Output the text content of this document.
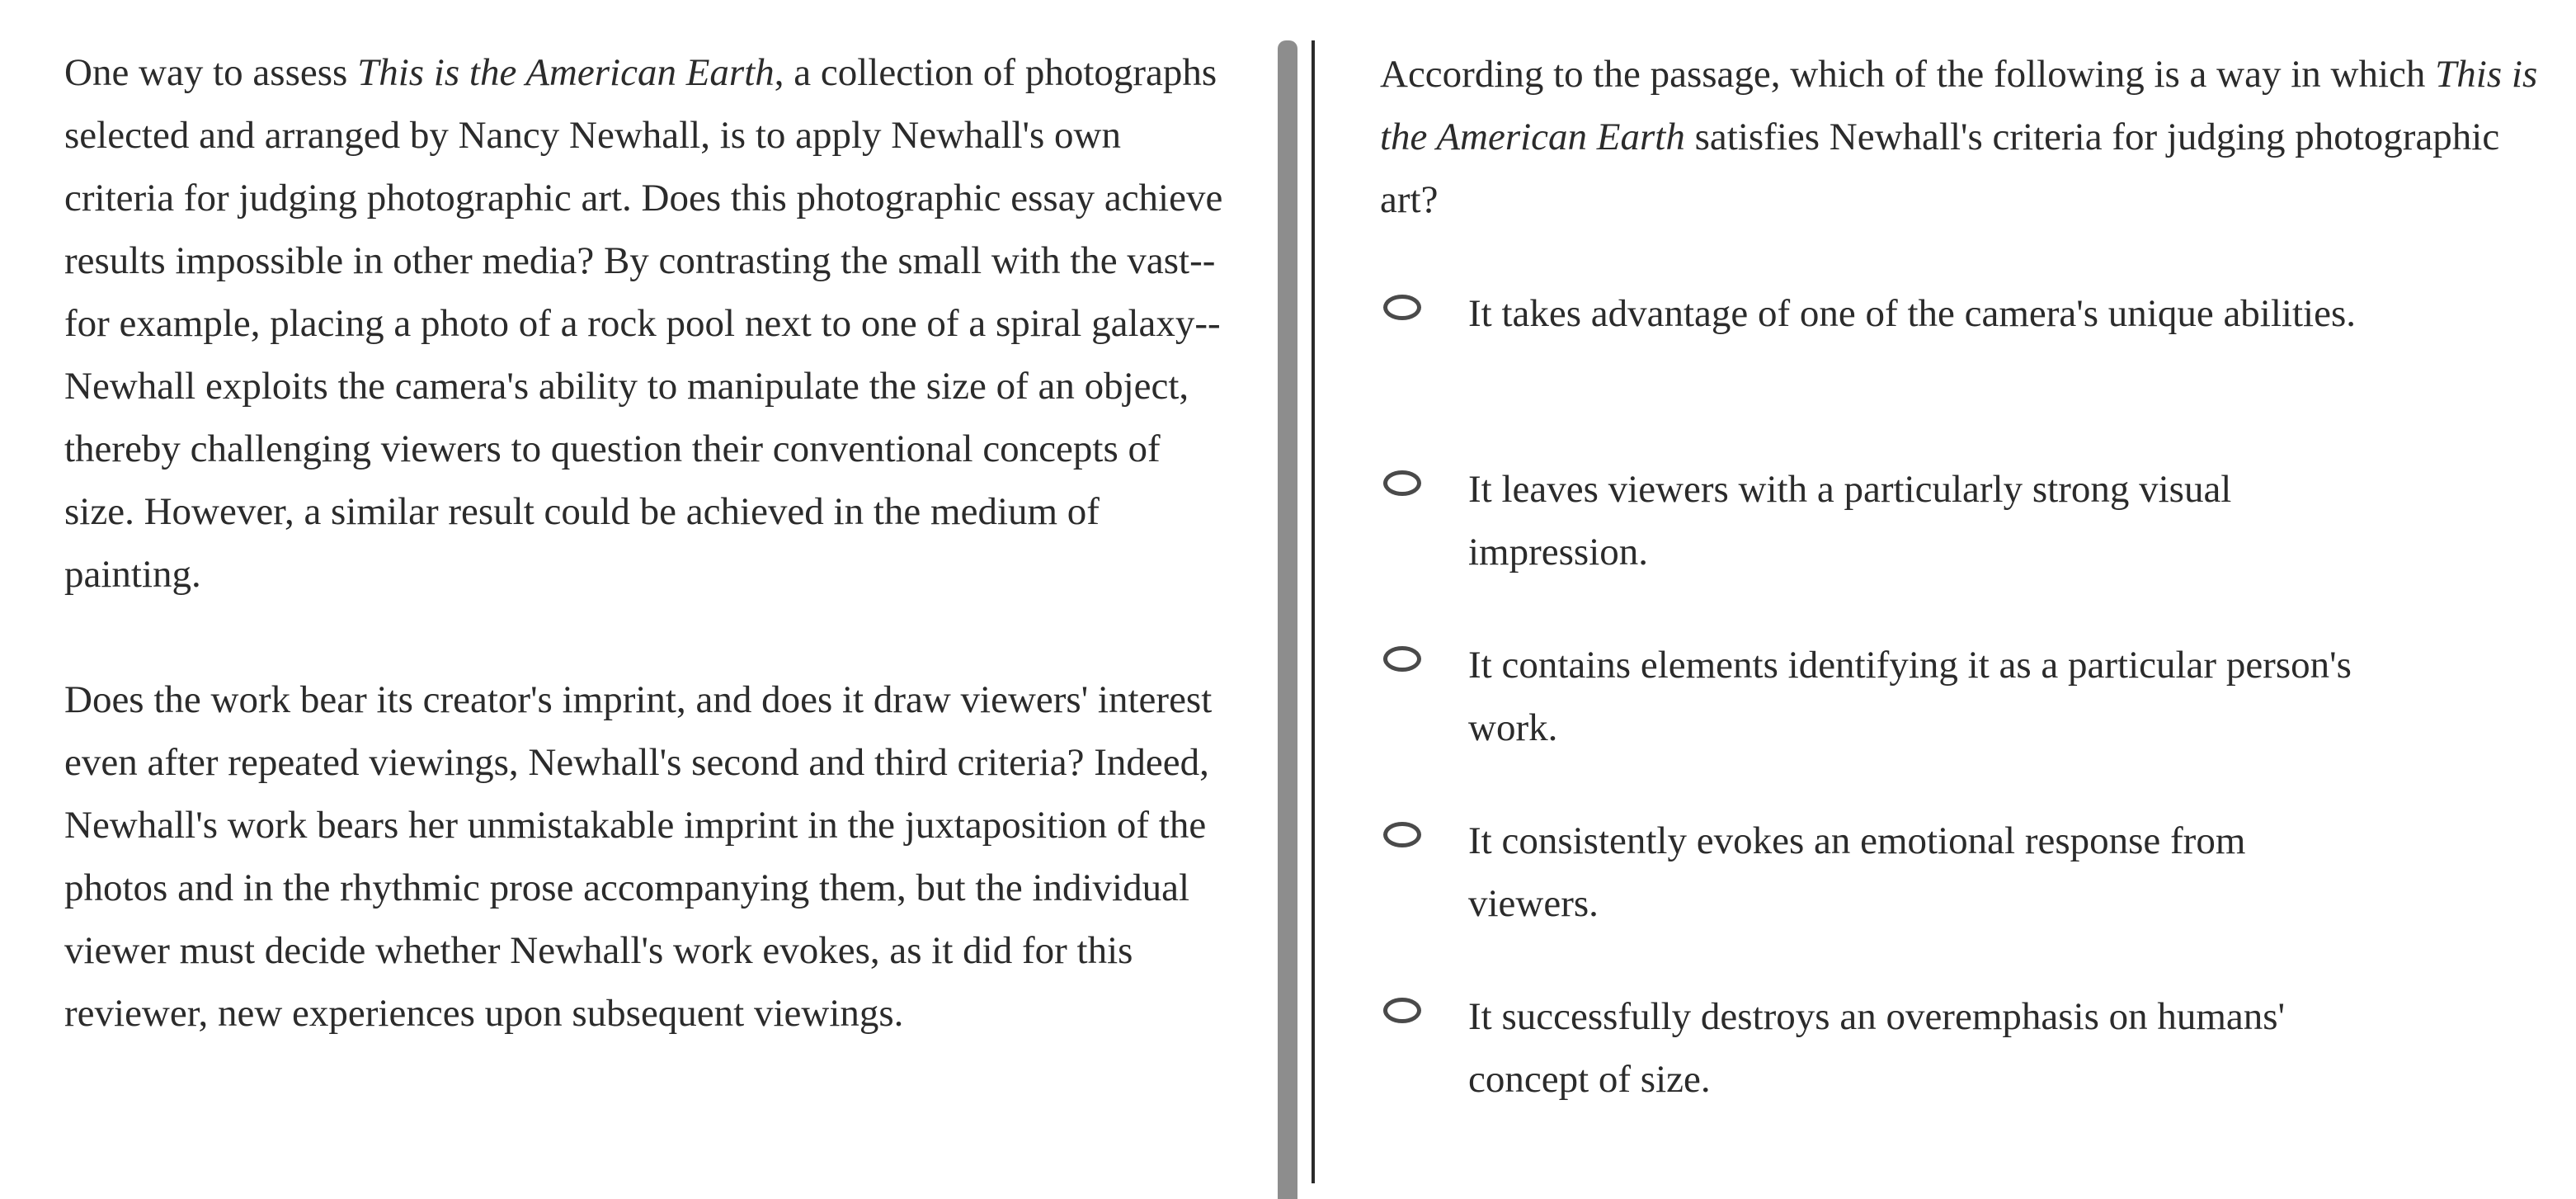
One way to assess This is the American Earth, a collection of photographs selected and arranged by Nancy Newhall, is to apply Newhall's own criteria for judging photographic art. Does this photographic essay achieve results impossible in other media? By contrasting the small with the vast--for example, placing a photo of a rock pool next to one of a spiral galaxy--Newhall exploits the camera's ability to manipulate the size of an object, thereby challenging viewers to question their conventional concepts of size. However, a similar result could be achieved in the medium of painting.

Does the work bear its creator's imprint, and does it draw viewers' interest even after repeated viewings, Newhall's second and third criteria? Indeed, Newhall's work bears her unmistakable imprint in the juxtaposition of the photos and in the rhythmic prose accompanying them, but the individual viewer must decide whether Newhall's work evokes, as it did for this reviewer, new experiences upon subsequent viewings.

According to the passage, which of the following is a way in which This is the American Earth satisfies Newhall's criteria for judging photographic art?

It takes advantage of one of the camera's unique abilities.
It leaves viewers with a particularly strong visual impression.
It contains elements identifying it as a particular person's work.
It consistently evokes an emotional response from viewers.
It successfully destroys an overemphasis on humans' concept of size.
